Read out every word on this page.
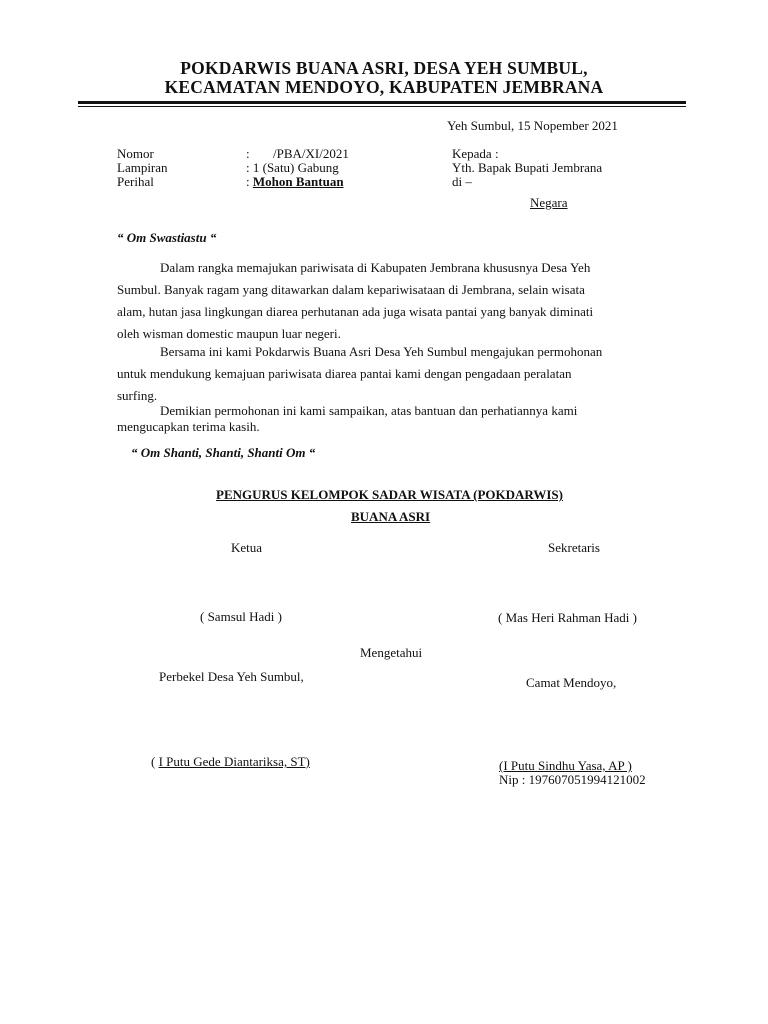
POKDARWIS BUANA ASRI, DESA YEH SUMBUL,
KECAMATAN MENDOYO, KABUPATEN JEMBRANA
Yeh Sumbul, 15 Nopember 2021
Nomor	: /PBA/XI/2021
Lampiran	: 1 (Satu) Gabung
Perihal	: Mohon Bantuan
Kepada :
Yth. Bapak Bupati Jembrana
di –
Negara
“ Om Swastiastu “
Dalam rangka memajukan pariwisata di Kabupaten Jembrana khususnya Desa Yeh
Sumbul. Banyak ragam yang ditawarkan dalam kepariwisataan di Jembrana, selain wisata
alam, hutan jasa lingkungan diarea perhutanan ada juga wisata pantai yang banyak diminati
oleh wisman domestic maupun luar negeri.
Bersama ini kami Pokdarwis Buana Asri Desa Yeh Sumbul mengajukan permohonan
untuk mendukung kemajuan pariwisata diarea pantai kami dengan pengadaan peralatan
surfing.
Demikian permohonan ini kami sampaikan, atas bantuan dan perhatiannya kami
mengucapkan terima kasih.
“ Om Shanti, Shanti, Shanti Om “
PENGURUS KELOMPOK SADAR WISATA (POKDARWIS)
BUANA ASRI
Ketua	Sekretaris
( Samsul Hadi )	( Mas Heri Rahman Hadi )
Mengetahui
Perbekel Desa Yeh Sumbul,	Camat Mendoyo,
( I Putu Gede Diantariksa, ST)	(I Putu Sindhu Yasa, AP )
Nip : 197607051994121002
